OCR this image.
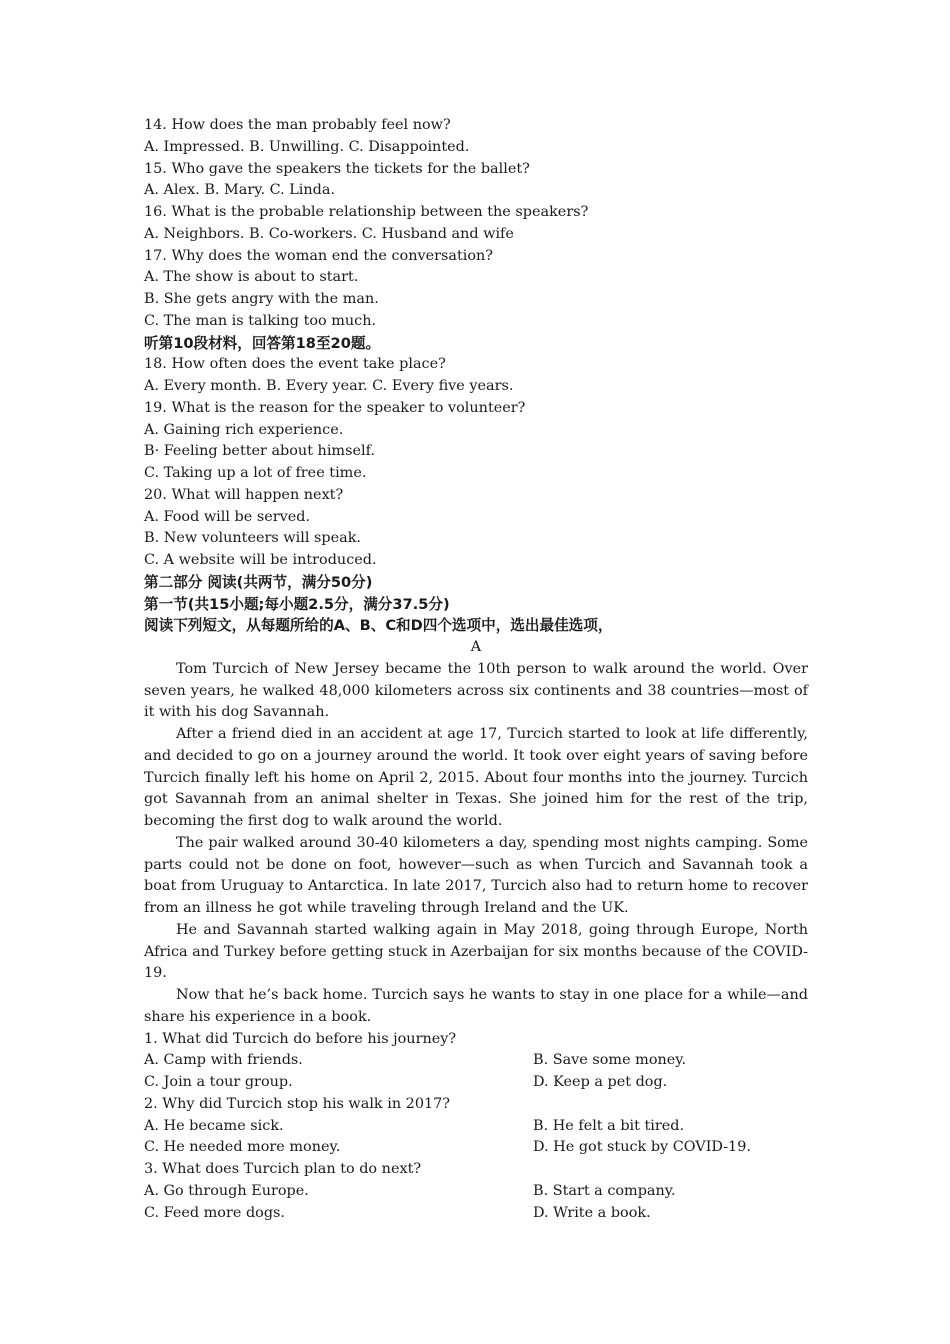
14. How does the man probably feel now?

A. Impressed. B. Unwilling. C. Disappointed.

15. Who gave the speakers the tickets for the ballet?

A. Alex. B. Mary. C. Linda.

16. What is the probable relationship between the speakers?

A. Neighbors. B. Co-workers. C. Husband and wife

17. Why does the woman end the conversation?

A. The show is about to start.

B. She gets angry with the man.

C. The man is talking too much.

听第10段材料，回答第18至20题。

18. How often does the event take place?

A. Every month. B. Every year. C. Every five years.

19. What is the reason for the speaker to volunteer?

A. Gaining rich experience.

B· Feeling better about himself.

C. Taking up a lot of free time.

20. What will happen next?

A. Food will be served.

B. New volunteers will speak.

C. A website will be introduced.

第二部分 阅读(共两节，满分50分)

第一节(共15小题;每小题2.5分，满分37.5分)

阅读下列短文，从每题所给的A、B、C和D四个选项中，选出最佳选项，

A

Tom Turcich of New Jersey became the 10th person to walk around the world. Over seven years, he walked 48,000 kilometers across six continents and 38 countries—most of it with his dog Savannah.

After a friend died in an accident at age 17, Turcich started to look at life differently, and decided to go on a journey around the world. It took over eight years of saving before Turcich finally left his home on April 2, 2015. About four months into the journey. Turcich got Savannah from an animal shelter in Texas. She joined him for the rest of the trip, becoming the first dog to walk around the world.

The pair walked around 30-40 kilometers a day, spending most nights camping. Some parts could not be done on foot, however—such as when Turcich and Savannah took a boat from Uruguay to Antarctica. In late 2017, Turcich also had to return home to recover from an illness he got while traveling through Ireland and the UK.

He and Savannah started walking again in May 2018, going through Europe, North Africa and Turkey before getting stuck in Azerbaijan for six months because of the COVID-19.

Now that he’s back home. Turcich says he wants to stay in one place for a while—and share his experience in a book.

1. What did Turcich do before his journey?

A. Camp with friends.	B. Save some money.
C. Join a tour group.	D. Keep a pet dog.

2. Why did Turcich stop his walk in 2017?

A. He became sick.	B. He felt a bit tired.
C. He needed more money.	D. He got stuck by COVID-19.

3. What does Turcich plan to do next?

A. Go through Europe.	B. Start a company.
C. Feed more dogs.	D. Write a book.
